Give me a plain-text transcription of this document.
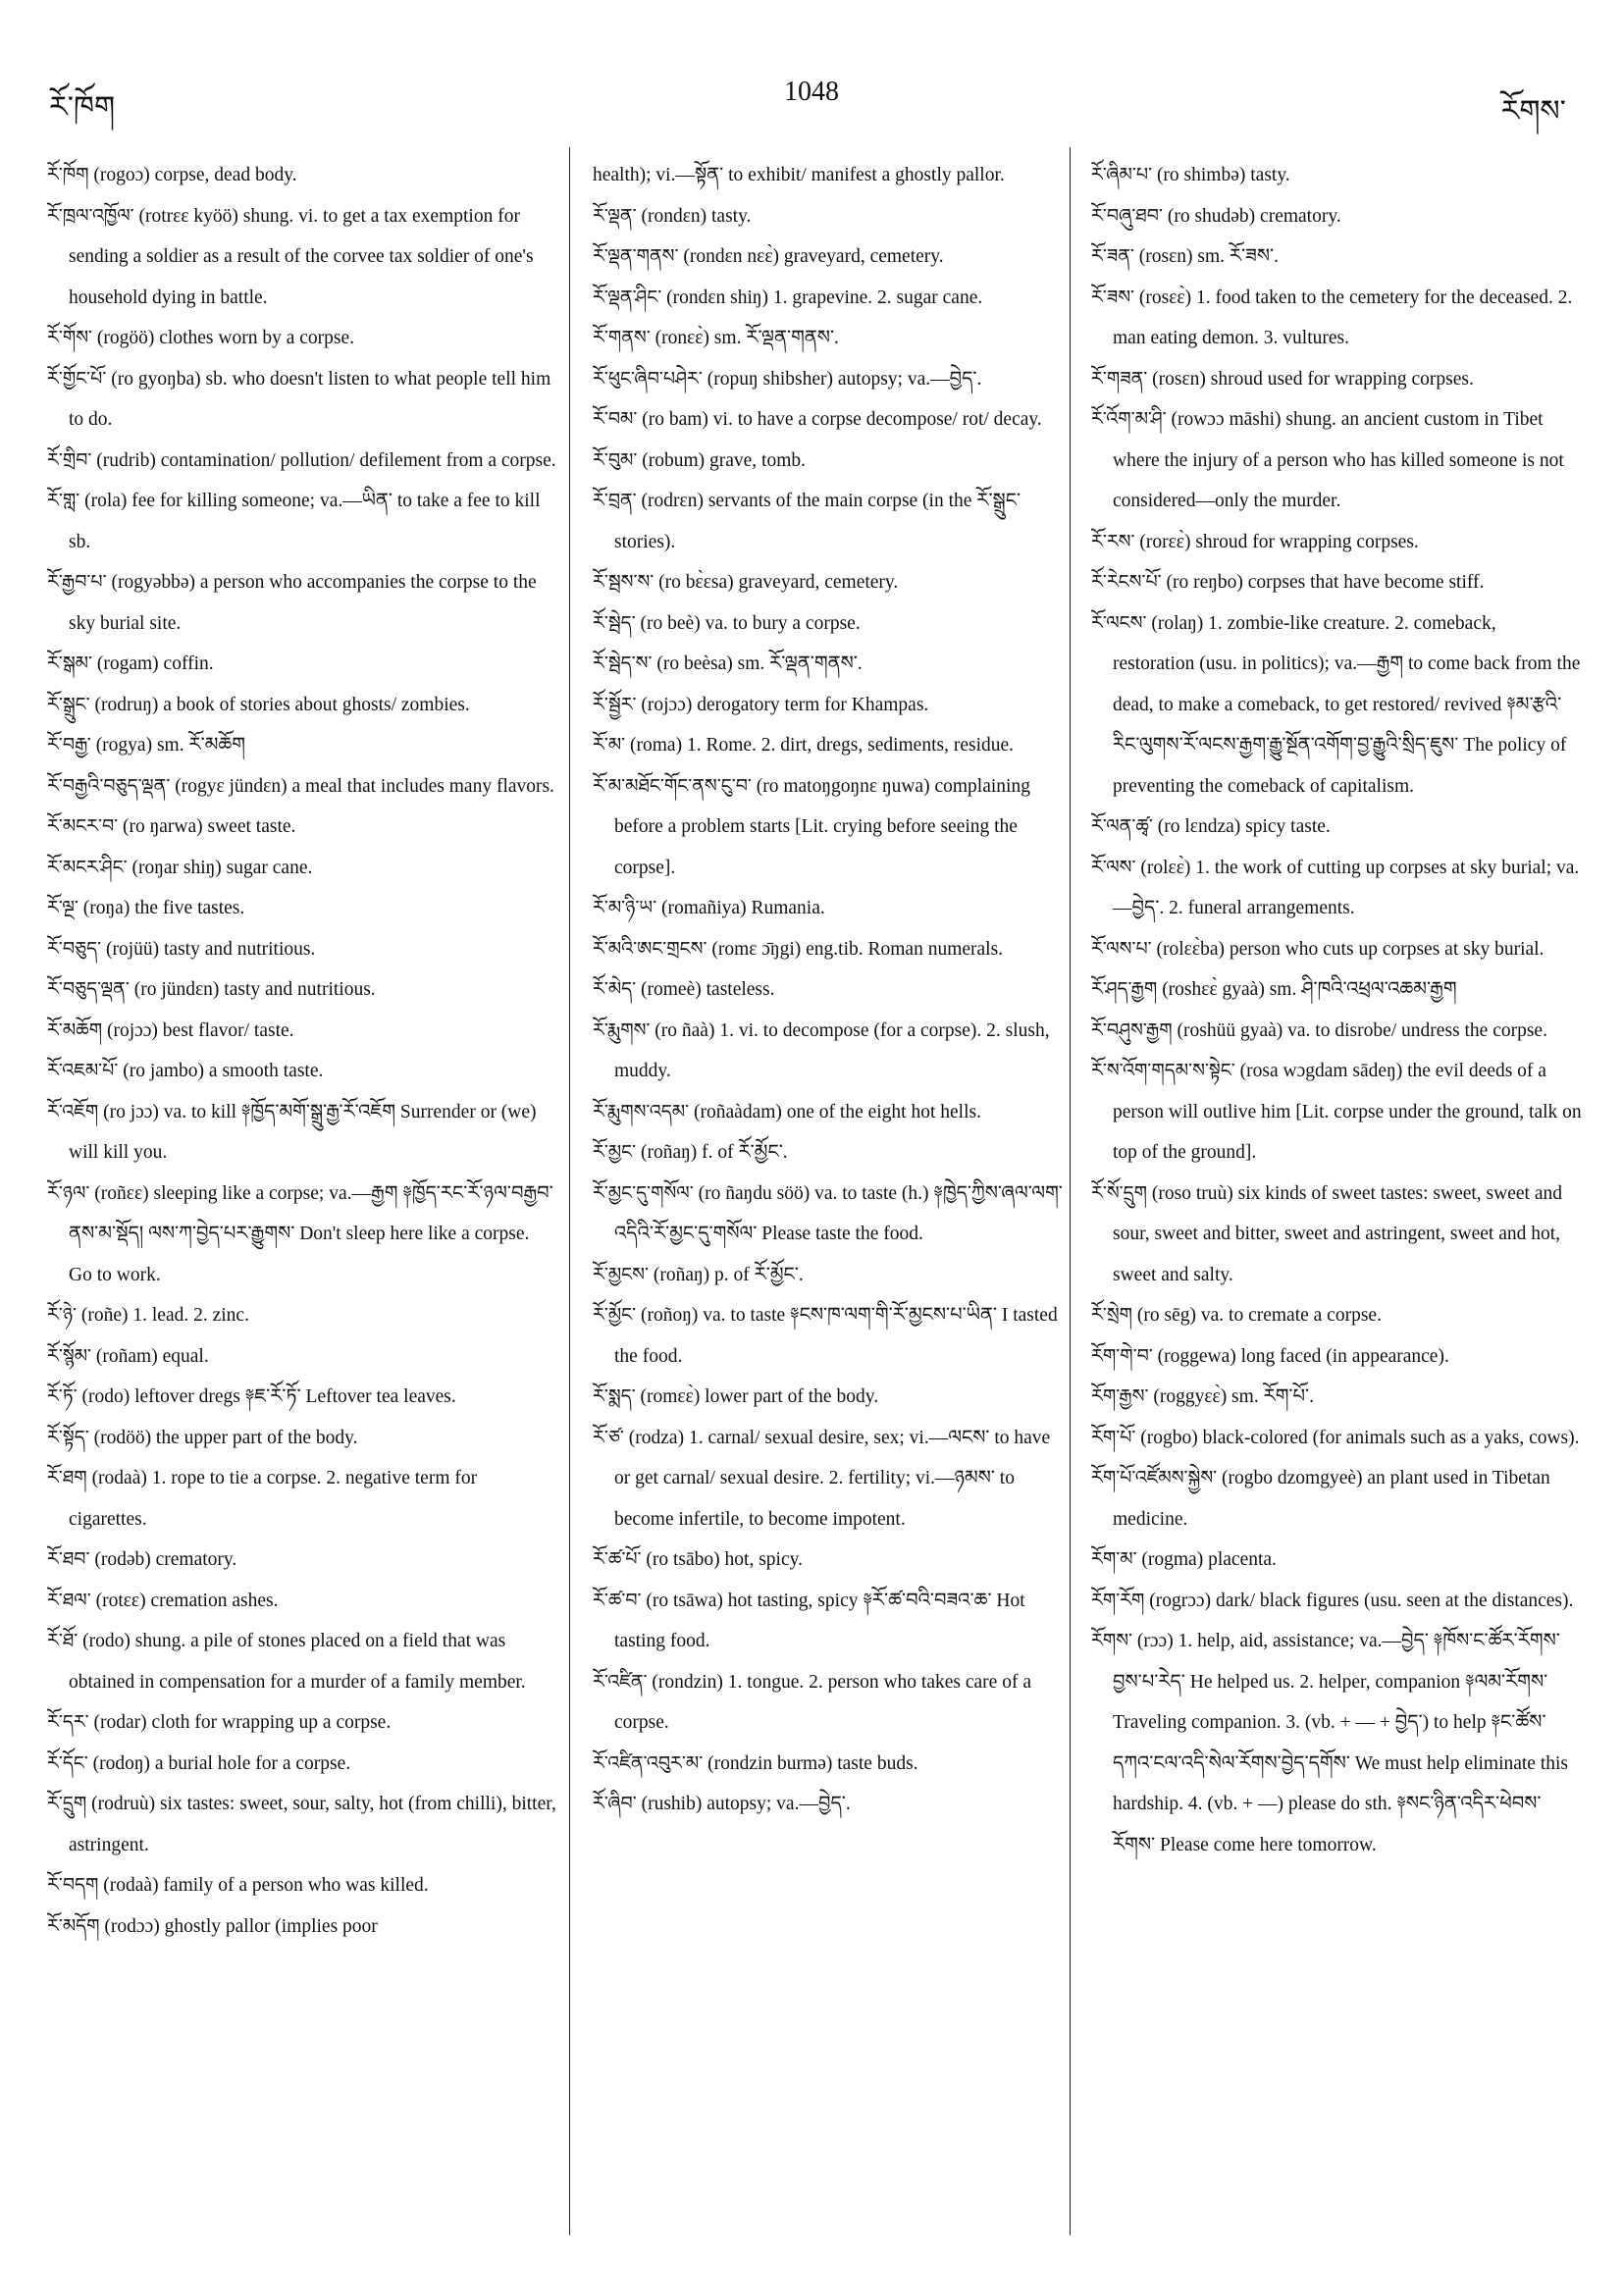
རོ་ཁོག	1048
རོགས་

རོ་ཁོག (rogoɔ) corpse, dead body.

རོ་ཁྲལ་འཁྱོལ་ (rotrɛɛ kyöö) shung. vi. to get a tax exemption for sending a soldier as a result of the corvee tax soldier of one's household dying in battle.

རོ་གོས་ (rogöö) clothes worn by a corpse.

རོ་གྱོང་པོ་ (ro gyoŋba) sb. who doesn't listen to what people tell him to do.

རོ་གྲིབ་ (rudrib) contamination/ pollution/ defilement from a corpse.

རོ་གླ་ (rola) fee for killing someone; va.—ཡིན་ to take a fee to kill sb.

རོ་རྒྱབ་པ་ (rogyəbbə) a person who accompanies the corpse to the sky burial site.

རོ་སྒམ་ (rogam) coffin.

རོ་སྒྲུང་ (rodruŋ) a book of stories about ghosts/ zombies.

རོ་བརྒྱ་ (rogya) sm. རོ་མཆོག

རོ་བརྒྱའི་བཅུད་ལྡན་ (rogyɛ jündɛn) a meal that includes many flavors.

རོ་མངར་བ་ (ro ŋarwa) sweet taste.

རོ་མངར་ཤིང་ (roŋar shiŋ) sugar cane.

རོ་ལྔ་ (roŋa) the five tastes.

རོ་བཅུད་ (rojüü) tasty and nutritious.

རོ་བཅུད་ལྡན་ (ro jündɛn) tasty and nutritious.

རོ་མཆོག (rojɔɔ) best flavor/ taste.

རོ་འཇམ་པོ་ (ro jambo) a smooth taste.

རོ་འཇོག (ro jɔɔ) va. to kill ༈ཁྱོད་མགོ་སྒྲུ་རྒྱ་རོ་འཇོག Surrender or (we) will kill you.

རོ་ཉལ་ (roñɛɛ) sleeping like a corpse; va.—རྒྱག ༈ཁྱོད་རང་རོ་ཉལ་བརྒྱབ་ནས་མ་སྡོད། ལས་ཀ་བྱེད་པར་རྒྱུགས་ Don't sleep here like a corpse. Go to work.

རོ་ཉེ་ (roñe) 1. lead. 2. zinc.

རོ་སྙོམ་ (roñam) equal.

རོ་ཏོ་ (rodo) leftover dregs ༈ཇ་རོ་ཏོ་ Leftover tea leaves.

རོ་སྟོད་ (rodöö) the upper part of the body.

རོ་ཐག (rodaà) 1. rope to tie a corpse. 2. negative term for cigarettes.

རོ་ཐབ་ (rodəb) crematory.

རོ་ཐལ་ (rotɛɛ) cremation ashes.

རོ་ཐོ་ (rodo) shung. a pile of stones placed on a field that was obtained in compensation for a murder of a family member.

རོ་དར་ (rodar) cloth for wrapping up a corpse.

རོ་དོང་ (rodoŋ) a burial hole for a corpse.

རོ་དྲུག (rodruù) six tastes: sweet, sour, salty, hot (from chilli), bitter, astringent.

རོ་བདག (rodaà) family of a person who was killed.

རོ་མདོག (rodɔɔ) ghostly pallor (implies poor

health); vi.—སྟོན་ to exhibit/ manifest a ghostly pallor.

རོ་ལྡན་ (rondɛn) tasty.

རོ་ལྡན་གནས་ (rondɛn nɛɛ̀) graveyard, cemetery.

རོ་ལྡན་ཤིང་ (rondɛn shiŋ) 1. grapevine. 2. sugar cane.

རོ་གནས་ (ronɛɛ̀) sm. རོ་ལྡན་གནས་.

རོ་ཕུང་ཞིབ་པཤེར་ (ropuŋ shibsher) autopsy; va.—བྱེད་.

རོ་བམ་ (ro bam) vi. to have a corpse decompose/ rot/ decay.

རོ་བུམ་ (robum) grave, tomb.

རོ་བྲན་ (rodrɛn) servants of the main corpse (in the རོ་སྒྲུང་ stories).

རོ་སྦས་ས་ (ro bɛ̀ɛsa) graveyard, cemetery.

རོ་སྦེད་ (ro beè) va. to bury a corpse.

རོ་སྦེད་ས་ (ro beèsa) sm. རོ་ལྡན་གནས་.

རོ་སྦྱོར་ (rojɔɔ) derogatory term for Khampas.

རོ་མ་ (roma) 1. Rome. 2. dirt, dregs, sediments, residue.

རོ་མ་མཐོང་གོང་ནས་ངུ་བ་ (ro matoŋgoŋnɛ ŋuwa) complaining before a problem starts [Lit. crying before seeing the corpse].

རོ་མ་ཉི་ཡ་ (romañiya) Rumania.

རོ་མའི་ཨང་གྲངས་ (romɛ ɔ̄ŋgi) eng.tib. Roman numerals.

རོ་མེད་ (romeè) tasteless.

རོ་རྨུགས་ (ro ñaà) 1. vi. to decompose (for a corpse). 2. slush, muddy.

རོ་རྨུགས་འདམ་ (roñaàdam) one of the eight hot hells.

རོ་མྱང་ (roñaŋ) f. of རོ་མྱོང་.

རོ་མྱང་དུ་གསོལ་ (ro ñaŋdu söö) va. to taste (h.) ༈ཁྱེད་ཀྱིས་ཞལ་ལག་འདིའི་རོ་མྱང་དུ་གསོལ་ Please taste the food.

རོ་མྱངས་ (roñaŋ) p. of རོ་མྱོང་.

རོ་མྱོང་ (roñoŋ) va. to taste ༈ངས་ཁ་ལག་གི་རོ་མྱངས་པ་ཡིན་ I tasted the food.

རོ་སྨད་ (romɛɛ̀) lower part of the body.

རོ་ཙ་ (rodza) 1. carnal/ sexual desire, sex; vi.—ལངས་ to have or get carnal/ sexual desire. 2. fertility; vi.—ཉམས་ to become infertile, to become impotent.

རོ་ཚ་པོ་ (ro tsābo) hot, spicy.

རོ་ཚ་བ་ (ro tsāwa) hot tasting, spicy ༈རོ་ཚ་བའི་བཟའ་ཆ་ Hot tasting food.

རོ་འཛིན་ (rondzin) 1. tongue. 2. person who takes care of a corpse.

རོ་འཛིན་འབུར་མ་ (rondzin burmə) taste buds.

རོ་ཞིབ་ (rushib) autopsy; va.—བྱེད་.

རོ་ཞིམ་པ་ (ro shimbə) tasty.

རོ་བཞུ་ཐབ་ (ro shudəb) crematory.

རོ་ཟན་ (rosɛn) sm. རོ་ཟས་.

རོ་ཟས་ (rosɛɛ̀) 1. food taken to the cemetery for the deceased. 2. man eating demon. 3. vultures.

རོ་གཟན་ (rosɛn) shroud used for wrapping corpses.

རོ་འོག་མ་ཤི་ (rowɔɔ māshi) shung. an ancient custom in Tibet where the injury of a person who has killed someone is not considered—only the murder.

རོ་རས་ (rorɛɛ̀) shroud for wrapping corpses.

རོ་རེངས་པོ་ (ro reŋbo) corpses that have become stiff.

རོ་ལངས་ (rolaŋ) 1. zombie-like creature. 2. comeback, restoration (usu. in politics); va.—རྒྱག to come back from the dead, to make a comeback, to get restored/ revived ༈མ་རྩའི་རིང་ལུགས་རོ་ལངས་རྒྱག་རྒྱུ་སྔོན་འགོག་བྱ་རྒྱུའི་སྲིད་ཇུས་ The policy of preventing the comeback of capitalism.

རོ་ལན་ཚྭ་ (ro lɛndza) spicy taste.

རོ་ལས་ (rolɛɛ̀) 1. the work of cutting up corpses at sky burial; va.—བྱེད་. 2. funeral arrangements.

རོ་ལས་པ་ (rolɛɛ̀ba) person who cuts up corpses at sky burial.

རོ་ཤད་རྒྱག (roshɛɛ̀ gyaà) sm. ཤི་ཁའི་འཕྲལ་འཆམ་རྒྱག

རོ་བཤུས་རྒྱག (roshüü gyaà) va. to disrobe/ undress the corpse.

རོ་ས་འོག་གདམ་ས་སྟེང་ (rosa wɔgdam sādeŋ) the evil deeds of a person will outlive him [Lit. corpse under the ground, talk on top of the ground].

རོ་སོ་དྲུག (roso truù) six kinds of sweet tastes: sweet, sweet and sour, sweet and bitter, sweet and astringent, sweet and hot, sweet and salty.

རོ་སྲེག (ro sēg) va. to cremate a corpse.

རོག་གེ་བ་ (roggewa) long faced (in appearance).

རོག་རྒྱས་ (roggyɛɛ̀) sm. རོག་པོ་.

རོག་པོ་ (rogbo) black-colored (for animals such as a yaks, cows).

རོག་པོ་འཛོམས་སྐྱེས་ (rogbo dzomgyeè) an plant used in Tibetan medicine.

རོག་མ་ (rogma) placenta.

རོག་རོག (rogrɔɔ) dark/ black figures (usu. seen at the distances).

རོགས་ (rɔɔ) 1. help, aid, assistance; va.—བྱེད་ ༈ཁོས་ང་ཚོར་རོགས་བྱས་པ་རེད་ He helped us. 2. helper, companion ༈ལམ་རོགས་ Traveling companion. 3. (vb. + — + བྱེད་) to help ༈ང་ཚོས་དཀའ་ངལ་འདི་སེལ་རོགས་བྱེད་དགོས་ We must help eliminate this hardship. 4. (vb. + —) please do sth. ༈སང་ཉིན་འདིར་ཕེབས་རོགས་ Please come here tomorrow.
